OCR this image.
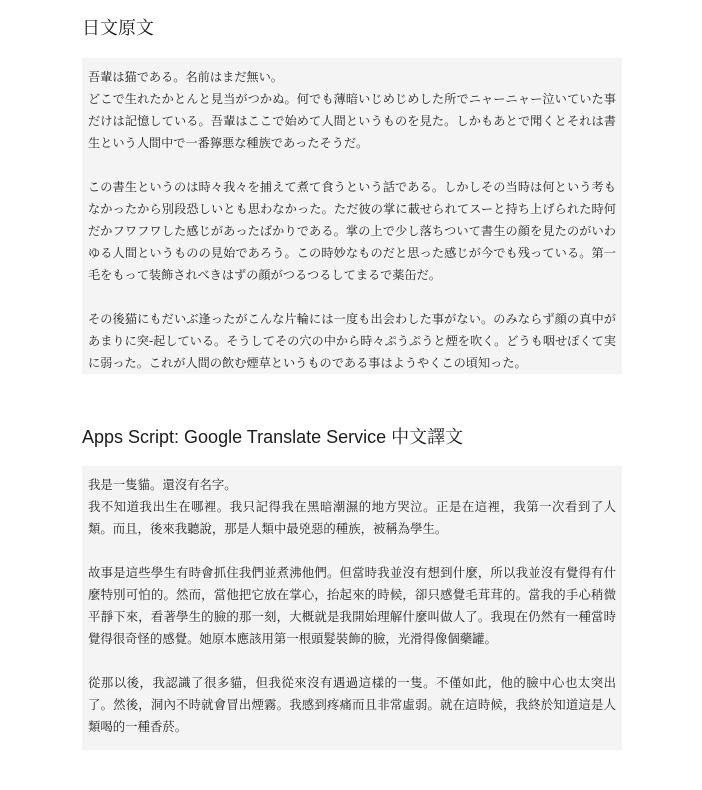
日文原文

吾輩は猫である。名前はまだ無い。
どこで生れたかとんと見当がつかぬ。何でも薄暗いじめじめした所でニャーニャー泣いていた事だけは記憶している。吾輩はここで始めて人間というものを見た。しかもあとで聞くとそれは書生という人間中で一番獰悪な種族であったそうだ。

この書生というのは時々我々を捕えて煮て食うという話である。しかしその当時は何という考もなかったから別段恐しいとも思わなかった。ただ彼の掌に載せられてスーと持ち上げられた時何だかフワフワした感じがあったばかりである。掌の上で少し落ちついて書生の顔を見たのがいわゆる人間というものの見始であろう。この時妙なものだと思った感じが今でも残っている。第一毛をもって装飾されべきはずの顔がつるつるしてまるで薬缶だ。

その後猫にもだいぶ逢ったがこんな片輪には一度も出会わした事がない。のみならず顔の真中があまりに突-起している。そうしてその穴の中から時々ぷうぷうと煙を吹く。どうも咽せぽくて実に弱った。これが人間の飲む煙草というものである事はようやくこの頃知った。

Apps Script: Google Translate Service 中文譯文

我是一隻貓。還沒有名字。
我不知道我出生在哪裡。我只記得我在黑暗潮濕的地方哭泣。正是在這裡，我第一次看到了人類。而且，後來我聽說，那是人類中最兇惡的種族，被稱為學生。

故事是這些學生有時會抓住我們並煮沸他們。但當時我並沒有想到什麼，所以我並沒有覺得有什麼特別可怕的。然而，當他把它放在掌心，抬起來的時候，卻只感覺毛茸茸的。當我的手心稍微平靜下來，看著學生的臉的那一刻，大概就是我開始理解什麼叫做人了。我現在仍然有一種當時覺得很奇怪的感覺。她原本應該用第一根頭髮裝飾的臉，光滑得像個藥罐。

從那以後，我認識了很多貓，但我從來沒有遇過這樣的一隻。不僅如此，他的臉中心也太突出了。然後，洞內不時就會冒出煙霧。我感到疼痛而且非常虛弱。就在這時候，我終於知道這是人類喝的一種香菸。
